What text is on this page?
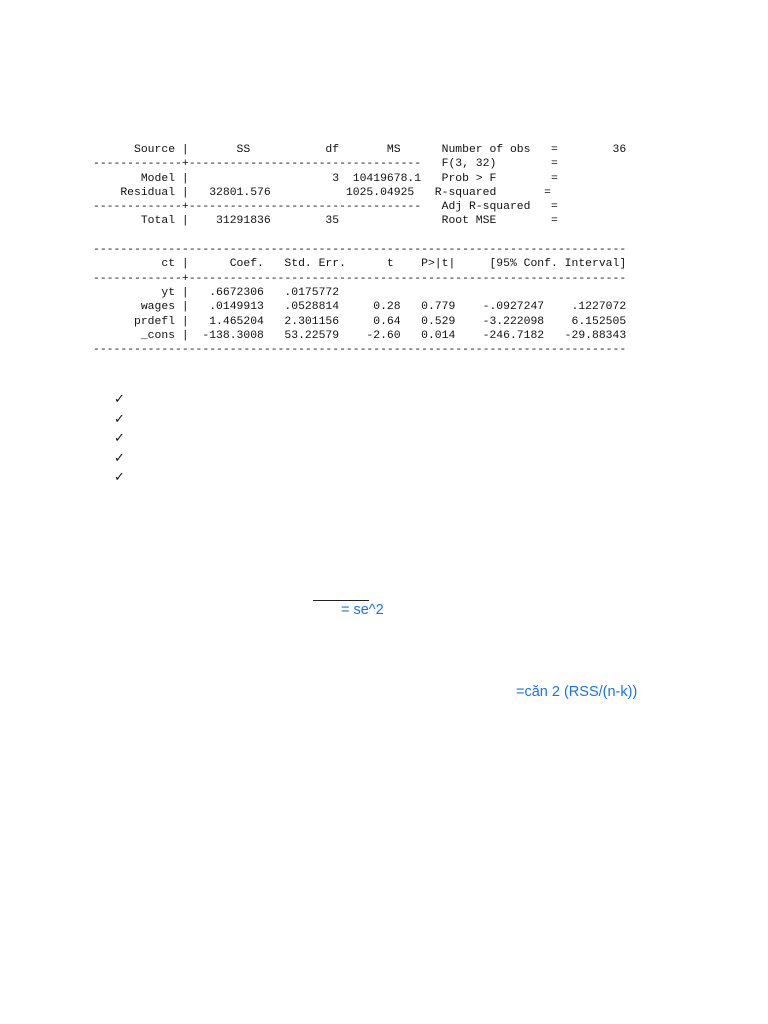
Source |       SS           df       MS      Number of obs   =        36
-------------+----------------------------------   F(3, 32)        =
Model |                     3  10419678.1   Prob > F        =
Residual |   32801.576           1025.04925   R-squared       =
-------------+----------------------------------   Adj R-squared   =
Total |    31291836        35               Root MSE        =
------------------------------------------------------------------------------
ct |      Coef.   Std. Err.      t    P>|t|     [95% Conf. Interval]
-------------+----------------------------------------------------------------
yt |   .6672306   .0175772
wages |   .0149913   .0528814     0.28   0.779    -.0927247    .1227072
prdefl |   1.465204   2.301156     0.64   0.529    -3.222098    6.152505
_cons |  -138.3008   53.22579    -2.60   0.014    -246.7182   -29.88343
------------------------------------------------------------------------------
✓
✓
✓
✓
✓
= se^2
=căn 2 (RSS/(n-k))
